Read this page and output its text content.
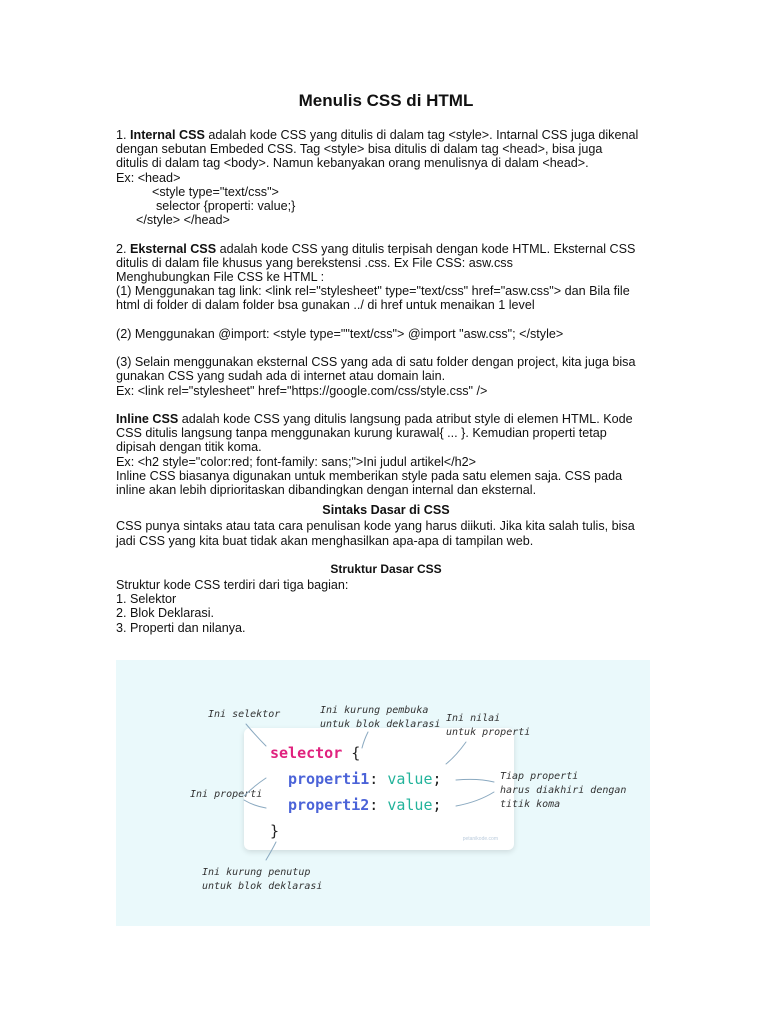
Menulis CSS di HTML

1. Internal CSS adalah kode CSS yang ditulis di dalam tag <style>. Intarnal CSS juga dikenal

dengan sebutan Embeded CSS. Tag <style> bisa ditulis di dalam tag <head>, bisa juga

ditulis di dalam tag <body>. Namun kebanyakan orang menulisnya di dalam <head>.

Ex: <head>

<style type="text/css">

selector {properti: value;}

</style> </head>

2. Eksternal CSS adalah kode CSS yang ditulis terpisah dengan kode HTML. Eksternal CSS

ditulis di dalam file khusus yang berekstensi .css. Ex File CSS: asw.css

Menghubungkan File CSS ke HTML :

(1) Menggunakan tag link: <link rel="stylesheet" type="text/css" href="asw.css"> dan Bila file

html di folder di dalam folder bsa gunakan ../ di href untuk menaikan 1 level

(2) Menggunakan @import: <style type=""text/css"> @import "asw.css"; </style>

(3) Selain menggunakan eksternal CSS yang ada di satu folder dengan project, kita juga bisa

gunakan CSS yang sudah ada di internet atau domain lain.

Ex: <link rel="stylesheet" href="https://google.com/css/style.css" />

Inline CSS adalah kode CSS yang ditulis langsung pada atribut style di elemen HTML. Kode

CSS ditulis langsung tanpa menggunakan kurung kurawal{ ... }. Kemudian properti tetap

dipisah dengan titik koma.

Ex: <h2 style="color:red; font-family: sans;">Ini judul artikel</h2>

Inline CSS biasanya digunakan untuk memberikan style pada satu elemen saja. CSS pada

inline akan lebih diprioritaskan dibandingkan dengan internal dan eksternal.

Sintaks Dasar di CSS

CSS punya sintaks atau tata cara penulisan kode yang harus diikuti. Jika kita salah tulis, bisa

jadi CSS yang kita buat tidak akan menghasilkan apa-apa di tampilan web.

Struktur Dasar CSS

Struktur kode CSS terdiri dari tiga bagian:

1. Selektor

2. Blok Deklarasi.

3. Properti dan nilanya.

selector {
properti1: value;
properti2: value;
}	petanikode.com
Ini selektor	Ini kurung pembuka
untuk blok deklarasi
Ini nilai
untuk properti
Ini properti
Tiap properti
harus diakhiri dengan
titik koma
Ini kurung penutup
untuk blok deklarasi
